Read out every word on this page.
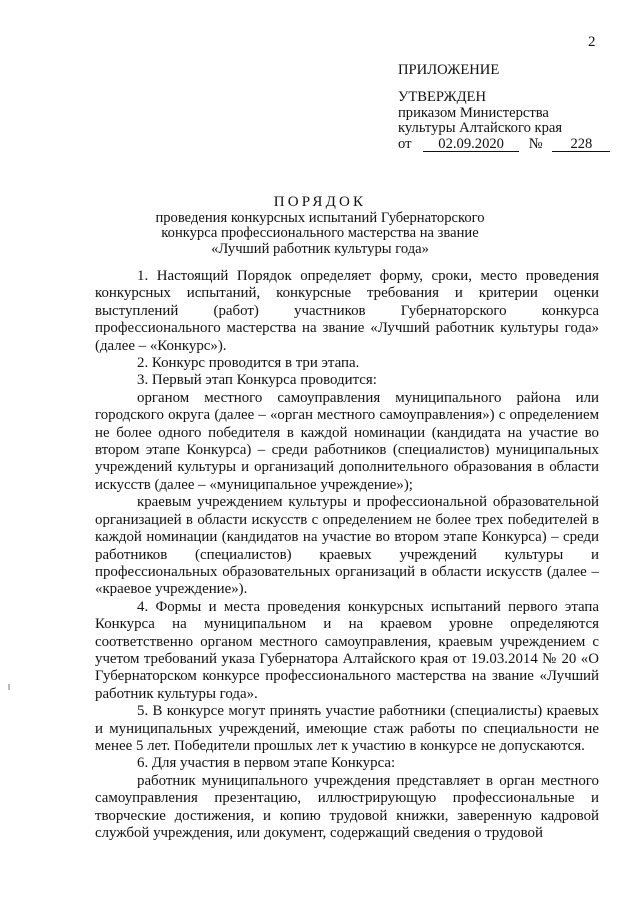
2
ПРИЛОЖЕНИЕ
УТВЕРЖДЕН
приказом Министерства
культуры Алтайского края
от 02.09.2020 № 228
ПОРЯДОК
проведения конкурсных испытаний Губернаторского
конкурса профессионального мастерства на звание
«Лучший работник культуры года»

1. Настоящий Порядок определяет форму, сроки, место проведения конкурсных испытаний, конкурсные требования и критерии оценки выступлений (работ) участников Губернаторского конкурса профессионального мастерства на звание «Лучший работник культуры года» (далее – «Конкурс»).

2. Конкурс проводится в три этапа.

3. Первый этап Конкурса проводится:

органом местного самоуправления муниципального района или городского округа (далее – «орган местного самоуправления») с определением не более одного победителя в каждой номинации (кандидата на участие во втором этапе Конкурса) – среди работников (специалистов) муниципальных учреждений культуры и организаций дополнительного образования в области искусств (далее – «муниципальное учреждение»);

краевым учреждением культуры и профессиональной образовательной организацией в области искусств с определением не более трех победителей в каждой номинации (кандидатов на участие во втором этапе Конкурса) – среди работников (специалистов) краевых учреждений культуры и профессиональных образовательных организаций в области искусств (далее – «краевое учреждение»).

4. Формы и места проведения конкурсных испытаний первого этапа Конкурса на муниципальном и на краевом уровне определяются соответственно органом местного самоуправления, краевым учреждением с учетом требований указа Губернатора Алтайского края от 19.03.2014 № 20 «О Губернаторском конкурсе профессионального мастерства на звание «Лучший работник культуры года».

5. В конкурсе могут принять участие работники (специалисты) краевых и муниципальных учреждений, имеющие стаж работы по специальности не менее 5 лет. Победители прошлых лет к участию в конкурсе не допускаются.

6. Для участия в первом этапе Конкурса:

работник муниципального учреждения представляет в орган местного самоуправления презентацию, иллюстрирующую профессиональные и творческие достижения, и копию трудовой книжки, заверенную кадровой службой учреждения, или документ, содержащий сведения о трудовой
